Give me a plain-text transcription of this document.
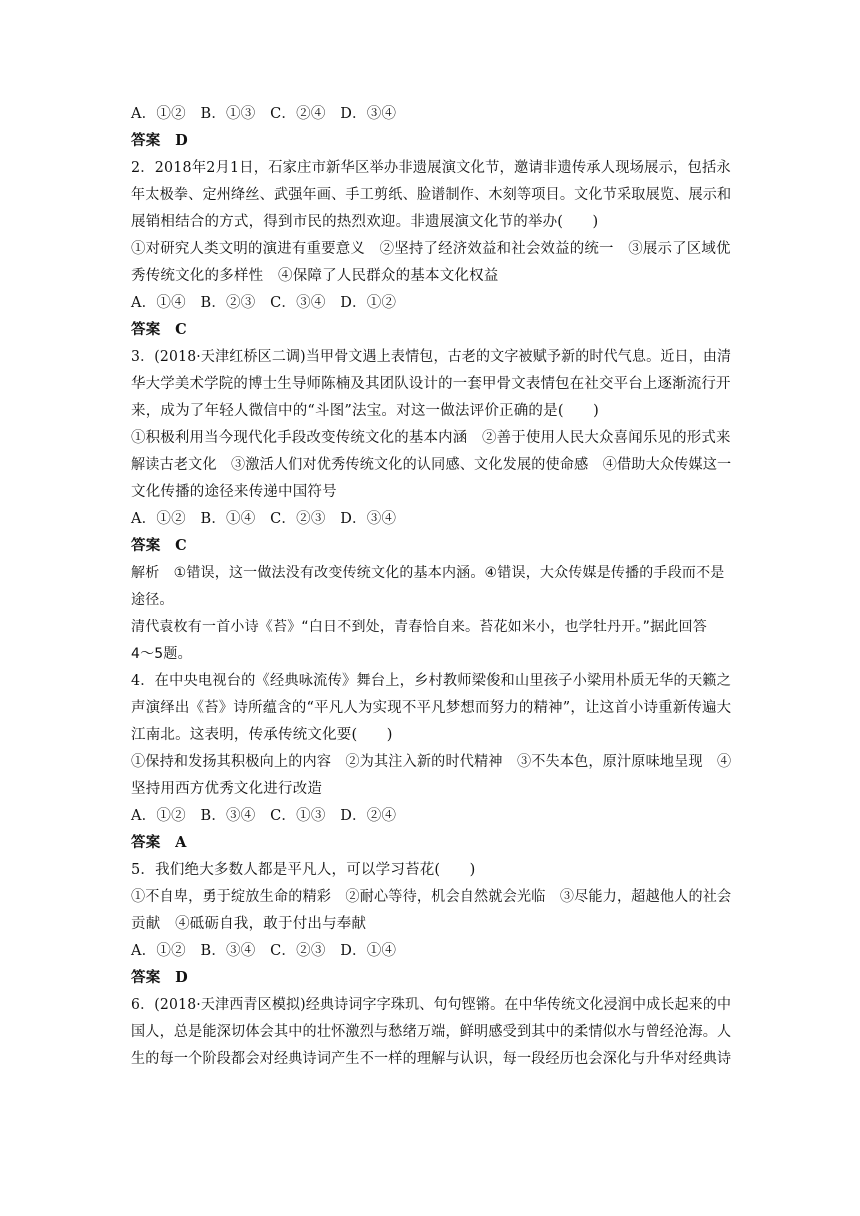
A．①②　B．①③　C．②④　D．③④
答案　D
2．2018年2月1日，石家庄市新华区举办非遗展演文化节，邀请非遗传承人现场展示，包括永
年太极拳、定州绛丝、武强年画、手工剪纸、脸谱制作、木刻等项目。文化节采取展览、展示和
展销相结合的方式，得到市民的热烈欢迎。非遗展演文化节的举办(　　)
①对研究人类文明的演进有重要意义　②坚持了经济效益和社会效益的统一　③展示了区域优
秀传统文化的多样性　④保障了人民群众的基本文化权益
A．①④　B．②③　C．③④　D．①②
答案　C
3．(2018·天津红桥区二调)当甲骨文遇上表情包，古老的文字被赋予新的时代气息。近日，由清
华大学美术学院的博士生导师陈楠及其团队设计的一套甲骨文表情包在社交平台上逐渐流行开
来，成为了年轻人微信中的“斗图”法宝。对这一做法评价正确的是(　　)
①积极利用当今现代化手段改变传统文化的基本内涵　②善于使用人民大众喜闻乐见的形式来
解读古老文化　③激活人们对优秀传统文化的认同感、文化发展的使命感　④借助大众传媒这一
文化传播的途径来传递中国符号
A．①②　B．①④　C．②③　D．③④
答案　C
解析　①错误，这一做法没有改变传统文化的基本内涵。④错误，大众传媒是传播的手段而不是
途径。
清代袁枚有一首小诗《苔》“白日不到处，青春恰自来。苔花如米小，也学牡丹开。”据此回答
4～5题。
4．在中央电视台的《经典咏流传》舞台上，乡村教师梁俊和山里孩子小梁用朴质无华的天籁之
声演绎出《苔》诗所蕴含的“平凡人为实现不平凡梦想而努力的精神”，让这首小诗重新传遍大
江南北。这表明，传承传统文化要(　　)
①保持和发扬其积极向上的内容　②为其注入新的时代精神　③不失本色，原汁原味地呈现　④
坚持用西方优秀文化进行改造
A．①②　B．③④　C．①③　D．②④
答案　A
5．我们绝大多数人都是平凡人，可以学习苔花(　　)
①不自卑，勇于绽放生命的精彩　②耐心等待，机会自然就会光临　③尽能力，超越他人的社会
贡献　④砥砺自我，敢于付出与奉献
A．①②　B．③④　C．②③　D．①④
答案　D
6．(2018·天津西青区模拟)经典诗词字字珠玑、句句铿锵。在中华传统文化浸润中成长起来的中
国人，总是能深切体会其中的壮怀激烈与愁绪万端，鲜明感受到其中的柔情似水与曾经沧海。人
生的每一个阶段都会对经典诗词产生不一样的理解与认识，每一段经历也会深化与升华对经典诗
